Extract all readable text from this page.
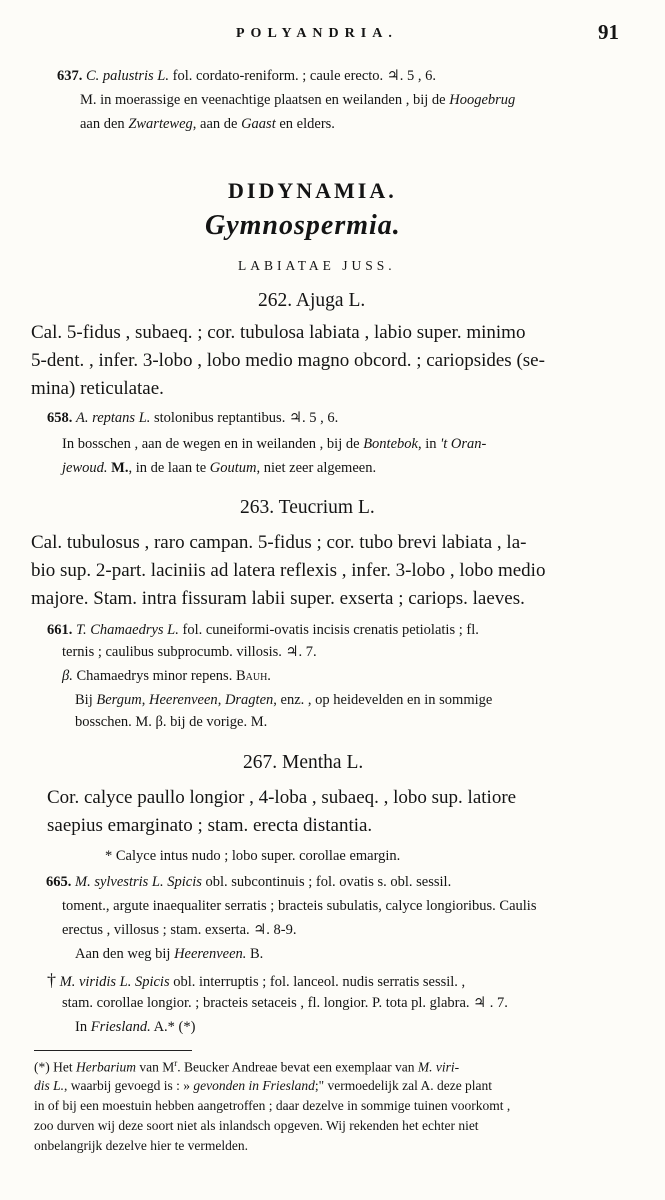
POLYANDRIA.	91
637. C. palustris L. fol. cordato-reniform. ; caule erecto. ♃. 5 , 6.
M. in moerassige en veenachtige plaatsen en weilanden , bij de Hoogebrug
aan den Zwarteweg, aan de Gaast en elders.
DIDYNAMIA.
Gymnospermia.
LABIATAE JUSS.
262. Ajuga L.
Cal. 5-fidus , subaeq. ; cor. tubulosa labiata , labio super. minimo
5-dent. , infer. 3-lobo , lobo medio magno obcord. ; cariopsides (se-
mina) reticulatae.
658. A. reptans L. stolonibus reptantibus. ♃. 5 , 6.
In bosschen , aan de wegen en in weilanden , bij de Bontebok, in 't Oran-
jewoud. M., in de laan te Goutum, niet zeer algemeen.
263. Teucrium L.
Cal. tubulosus , raro campan. 5-fidus ; cor. tubo brevi labiata , la-
bio sup. 2-part. laciniis ad latera reflexis , infer. 3-lobo , lobo medio
majore. Stam. intra fissuram labii super. exserta ; cariops. laeves.
661. T. Chamaedrys L. fol. cuneiformi-ovatis incisis crenatis petiolatis ; fl.
ternis ; caulibus subprocumb. villosis. ♃. 7.
β. Chamaedrys minor repens. Bauh.
Bij Bergum, Heerenveen, Dragten, enz. , op heidevelden en in sommige
bosschen. M. β. bij de vorige. M.
267. Mentha L.
Cor. calyce paullo longior , 4-loba , subaeq. , lobo sup. latiore
saepius emarginato ; stam. erecta distantia.
* Calyce intus nudo ; lobo super. corollae emargin.
665. M. sylvestris L. Spicis obl. subcontinuis ; fol. ovatis s. obl. sessil.
toment., argute inaequaliter serratis ; bracteis subulatis, calyce longioribus. Caulis
erectus , villosus ; stam. exserta. ♃. 8-9.
Aan den weg bij Heerenveen. B.
† M. viridis L. Spicis obl. interruptis ; fol. lanceol. nudis serratis sessil. ,
stam. corollae longior. ; bracteis setaceis , fl. longior. P. tota pl. glabra. ♃ . 7.
In Friesland. A.* (*)
(*) Het Herbarium van $M^r$. Beucker Andreae bevat een exemplaar van M. viri-
dis L., waarbij gevoegd is : » gevonden in Friesland;" vermoedelijk zal A. deze plant
in of bij een moestuin hebben aangetroffen ; daar dezelve in sommige tuinen voorkomt ,
zoo durven wij deze soort niet als inlandsch opgeven. Wij rekenden het echter niet
onbelangrijk dezelve hier te vermelden.
